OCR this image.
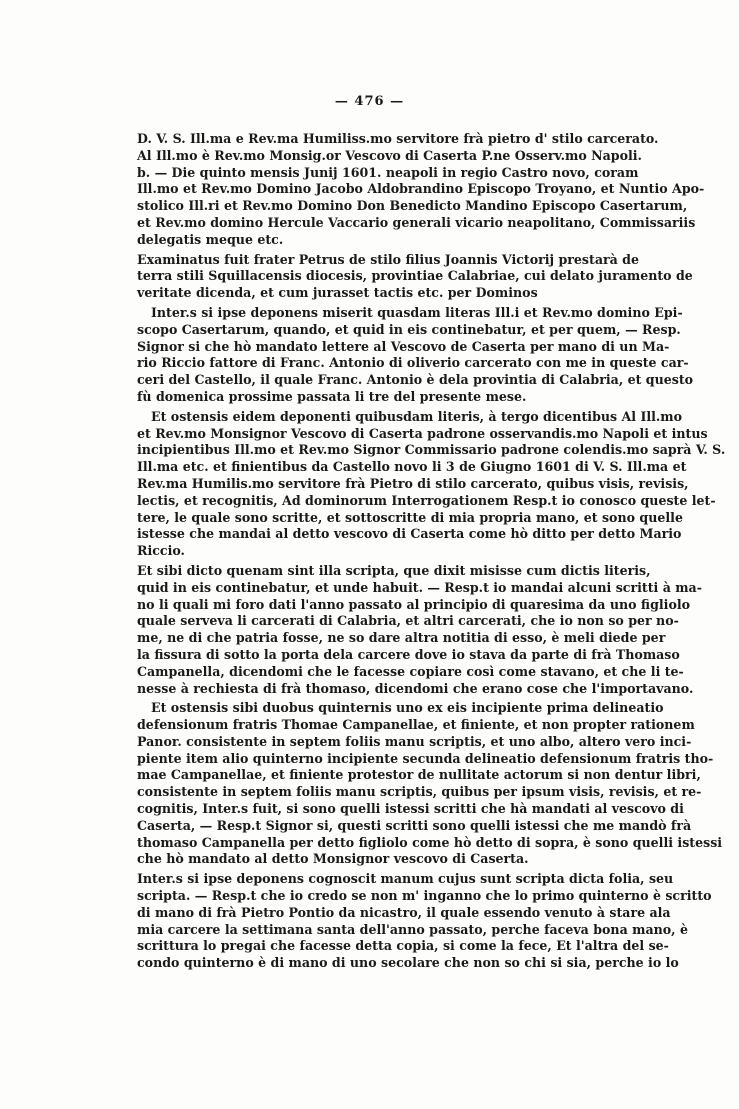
— 476 —
D. V. S. Ill.ma e Rev.ma Humiliss.mo servitore frà pietro d' stilo carcerato.
Al Ill.mo è Rev.mo Monsig.or Vescovo di Caserta P.ne Osserv.mo Napoli.
b. — Die quinto mensis Junij 1601. neapoli in regio Castro novo, coram
Ill.mo et Rev.mo Domino Jacobo Aldobrandino Episcopo Troyano, et Nuntio Apo-
stolico Ill.ri et Rev.mo Domino Don Benedicto Mandino Episcopo Casertarum,
et Rev.mo domino Hercule Vaccario generali vicario neapolitano, Commissariis
delegatis meque etc.
Examinatus fuit frater Petrus de stilo filius Joannis Victorij prestarà de
terra stili Squillacensis diocesis, provintiae Calabriae, cui delato juramento de
veritate dicenda, et cum jurasset tactis etc. per Dominos
Inter.s si ipse deponens miserit quasdam literas Ill.i et Rev.mo domino Epi-
scopo Casertarum, quando, et quid in eis continebatur, et per quem, — Resp.
Signor si che hò mandato lettere al Vescovo de Caserta per mano di un Ma-
rio Riccio fattore di Franc. Antonio di oliverio carcerato con me in queste car-
ceri del Castello, il quale Franc. Antonio è dela provintia di Calabria, et questo
fù domenica prossime passata li tre del presente mese.
Et ostensis eidem deponenti quibusdam literis, à tergo dicentibus Al Ill.mo
et Rev.mo Monsignor Vescovo di Caserta padrone osservandis.mo Napoli et intus
incipientibus Ill.mo et Rev.mo Signor Commissario padrone colendis.mo saprà V. S.
Ill.ma etc. et finientibus da Castello novo li 3 de Giugno 1601 di V. S. Ill.ma et
Rev.ma Humilis.mo servitore frà Pietro di stilo carcerato, quibus visis, revisis,
lectis, et recognitis, Ad dominorum Interrogationem Resp.t io conosco queste let-
tere, le quale sono scritte, et sottoscritte di mia propria mano, et sono quelle
istesse che mandai al detto vescovo di Caserta come hò ditto per detto Mario
Riccio.
Et sibi dicto quenam sint illa scripta, que dixit misisse cum dictis literis,
quid in eis continebatur, et unde habuit. — Resp.t io mandai alcuni scritti à ma-
no li quali mi foro dati l'anno passato al principio di quaresima da uno figliolo
quale serveva li carcerati di Calabria, et altri carcerati, che io non so per no-
me, ne di che patria fosse, ne so dare altra notitia di esso, è meli diede per
la fissura di sotto la porta dela carcere dove io stava da parte di frà Thomaso
Campanella, dicendomi che le facesse copiare così come stavano, et che li te-
nesse à rechiesta di frà thomaso, dicendomi che erano cose che l'importavano.
Et ostensis sibi duobus quinternis uno ex eis incipiente prima delineatio
defensionum fratris Thomae Campanellae, et finiente, et non propter rationem
Panor. consistente in septem foliis manu scriptis, et uno albo, altero vero inci-
piente item alio quinterno incipiente secunda delineatio defensionum fratris tho-
mae Campanellae, et finiente protestor de nullitate actorum si non dentur libri,
consistente in septem foliis manu scriptis, quibus per ipsum visis, revisis, et re-
cognitis, Inter.s fuit, si sono quelli istessi scritti che hà mandati al vescovo di
Caserta, — Resp.t Signor si, questi scritti sono quelli istessi che me mandò frà
thomaso Campanella per detto figliolo come hò detto di sopra, è sono quelli istessi
che hò mandato al detto Monsignor vescovo di Caserta.
Inter.s si ipse deponens cognoscit manum cujus sunt scripta dicta folia, seu
scripta. — Resp.t che io credo se non m' inganno che lo primo quinterno è scritto
di mano di frà Pietro Pontio da nicastro, il quale essendo venuto à stare ala
mia carcere la settimana santa dell'anno passato, perche faceva bona mano, è
scrittura lo pregai che facesse detta copia, si come la fece, Et l'altra del se-
condo quinterno è di mano di uno secolare che non so chi si sia, perche io lo
